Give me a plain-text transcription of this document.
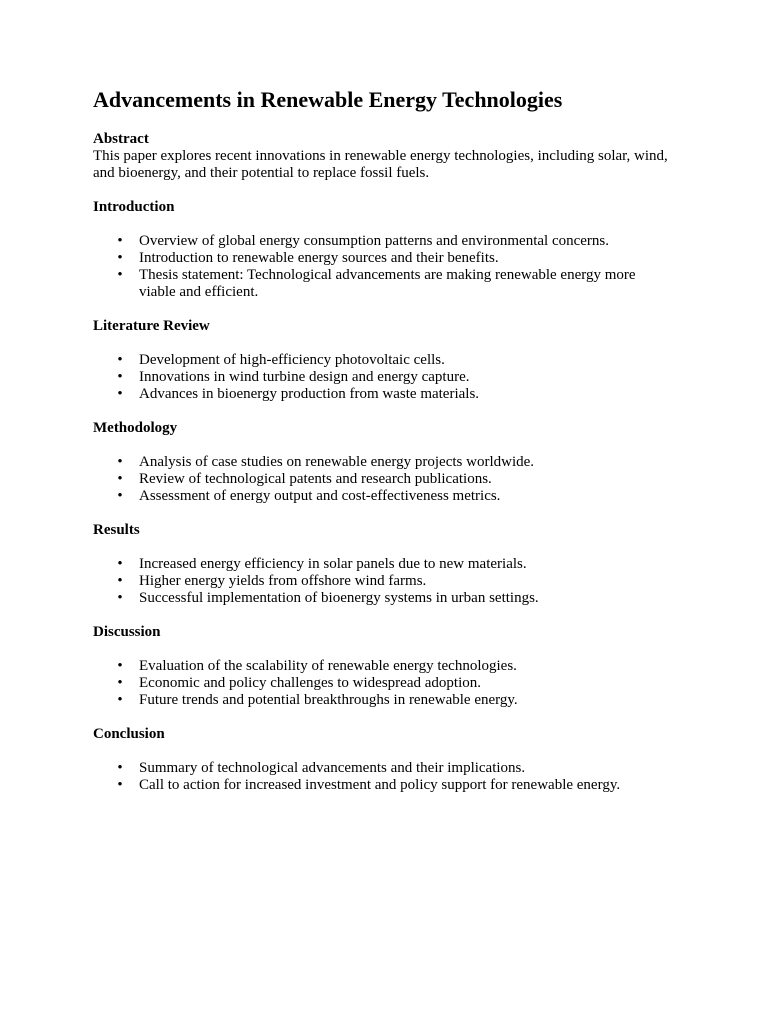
Advancements in Renewable Energy Technologies
Abstract

This paper explores recent innovations in renewable energy technologies, including solar, wind, and bioenergy, and their potential to replace fossil fuels.

Introduction
• Overview of global energy consumption patterns and environmental concerns.
• Introduction to renewable energy sources and their benefits.
• Thesis statement: Technological advancements are making renewable energy more viable and efficient.
Literature Review
• Development of high-efficiency photovoltaic cells.
• Innovations in wind turbine design and energy capture.
• Advances in bioenergy production from waste materials.
Methodology
• Analysis of case studies on renewable energy projects worldwide.
• Review of technological patents and research publications.
• Assessment of energy output and cost-effectiveness metrics.
Results
• Increased energy efficiency in solar panels due to new materials.
• Higher energy yields from offshore wind farms.
• Successful implementation of bioenergy systems in urban settings.
Discussion
• Evaluation of the scalability of renewable energy technologies.
• Economic and policy challenges to widespread adoption.
• Future trends and potential breakthroughs in renewable energy.
Conclusion
• Summary of technological advancements and their implications.
• Call to action for increased investment and policy support for renewable energy.
